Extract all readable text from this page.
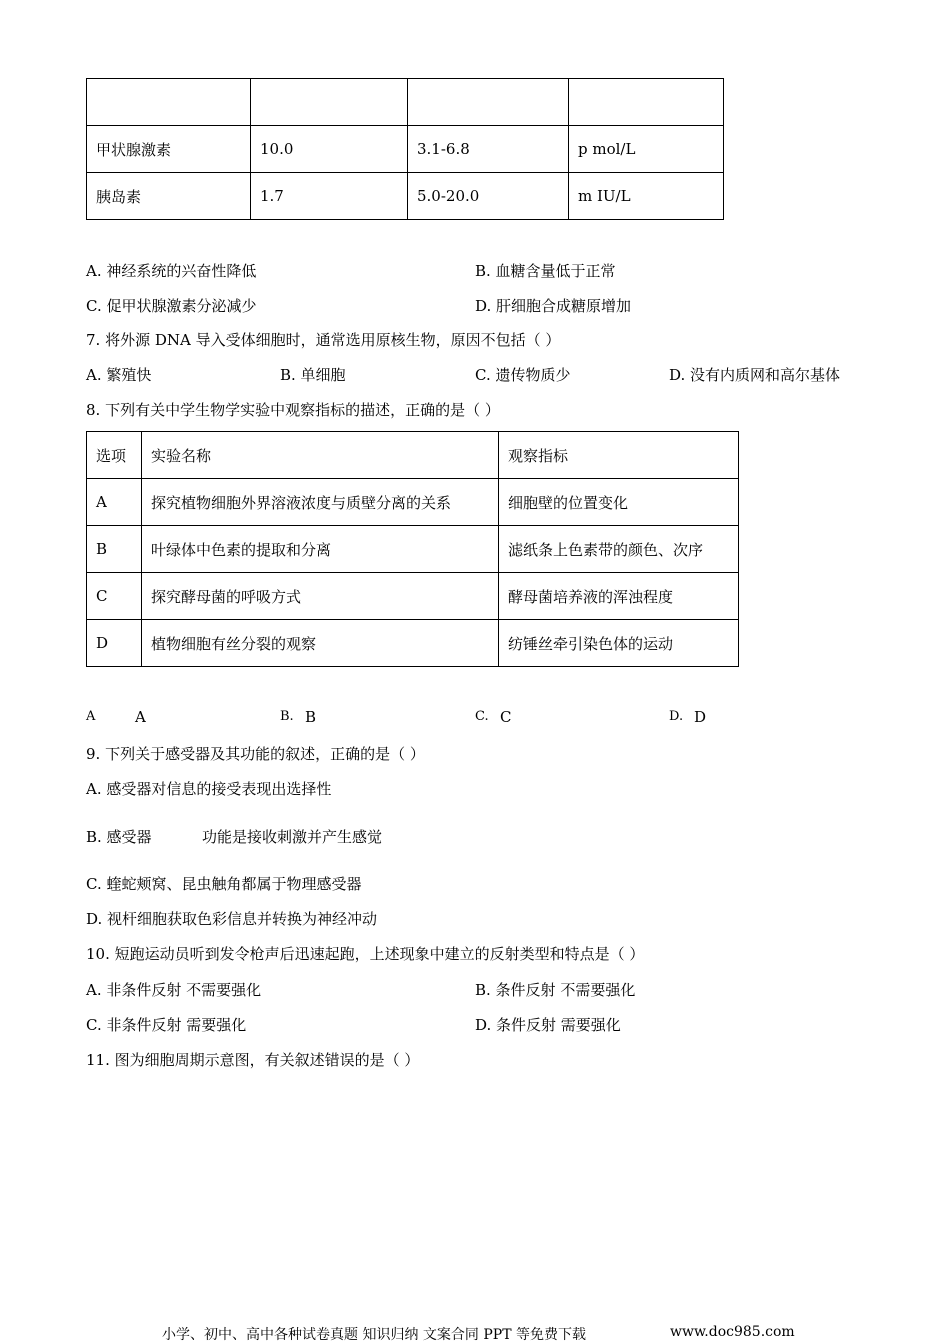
甲状腺激素	10.0	3.1-6.8	p mol/L
胰岛素	1.7	5.0-20.0	m IU/L
A. 神经系统的兴奋性降低	B. 血糖含量低于正常
C. 促甲状腺激素分泌减少	D. 肝细胞合成糖原增加
7. 将外源 DNA 导入受体细胞时，通常选用原核生物，原因不包括（ ）
A. 繁殖快	B. 单细胞	C. 遗传物质少	D. 没有内质网和高尔基体
8. 下列有关中学生物学实验中观察指标的描述，正确的是（ ）
选项	实验名称	观察指标
A	探究植物细胞外界溶液浓度与质壁分离的关系	细胞壁的位置变化
B	叶绿体中色素的提取和分离	滤纸条上色素带的颜色、次序
C	探究酵母菌的呼吸方式	酵母菌培养液的浑浊程度
D	植物细胞有丝分裂的观察	纺锤丝牵引染色体的运动
A	A	B. B	C. C	D. D
9. 下列关于感受器及其功能的叙述，正确的是（ ）
A. 感受器对信息的接受表现出选择性
B. 感受器	功能是接收刺激并产生感觉
C. 蝰蛇颊窝、昆虫触角都属于物理感受器
D. 视杆细胞获取色彩信息并转换为神经冲动
10. 短跑运动员听到发令枪声后迅速起跑，上述现象中建立的反射类型和特点是（ ）
A. 非条件反射 不需要强化	B. 条件反射 不需要强化
C. 非条件反射 需要强化	D. 条件反射 需要强化
11. 图为细胞周期示意图，有关叙述错误的是（ ）
小学、初中、高中各种试卷真题 知识归纳 文案合同 PPT 等免费下载	www.doc985.com
